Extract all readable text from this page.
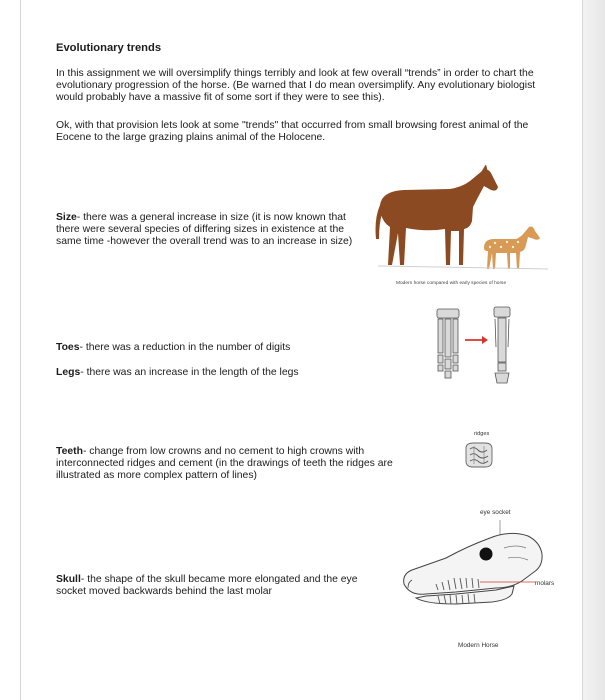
Evolutionary trends

In this assignment we will oversimplify things terribly and look at few overall “trends” in order to chart the evolutionary progression of the horse. (Be warned that I do mean oversimplify. Any evolutionary biologist would probably have a massive fit of some sort if they were to see this).

Ok, with that provision lets look at some "trends" that occurred from small browsing forest animal of the Eocene to the large grazing plains animal of the Holocene.

Size- there was a general increase in size (it is now known that there were several species of differing sizes in existence at the same time -however the overall trend was to an increase in size)

Toes- there was a reduction in the number of digits

Legs- there was an increase in the length of the legs

Teeth- change from low crowns and no cement to high crowns with interconnected ridges and cement (in the drawings of teeth the ridges are illustrated as more complex pattern of lines)

Skull- the shape of the skull became more elongated and the eye socket moved backwards behind the last molar

Modern horse compared with early species of horse
ridges
eye socket
molars
Modern Horse
